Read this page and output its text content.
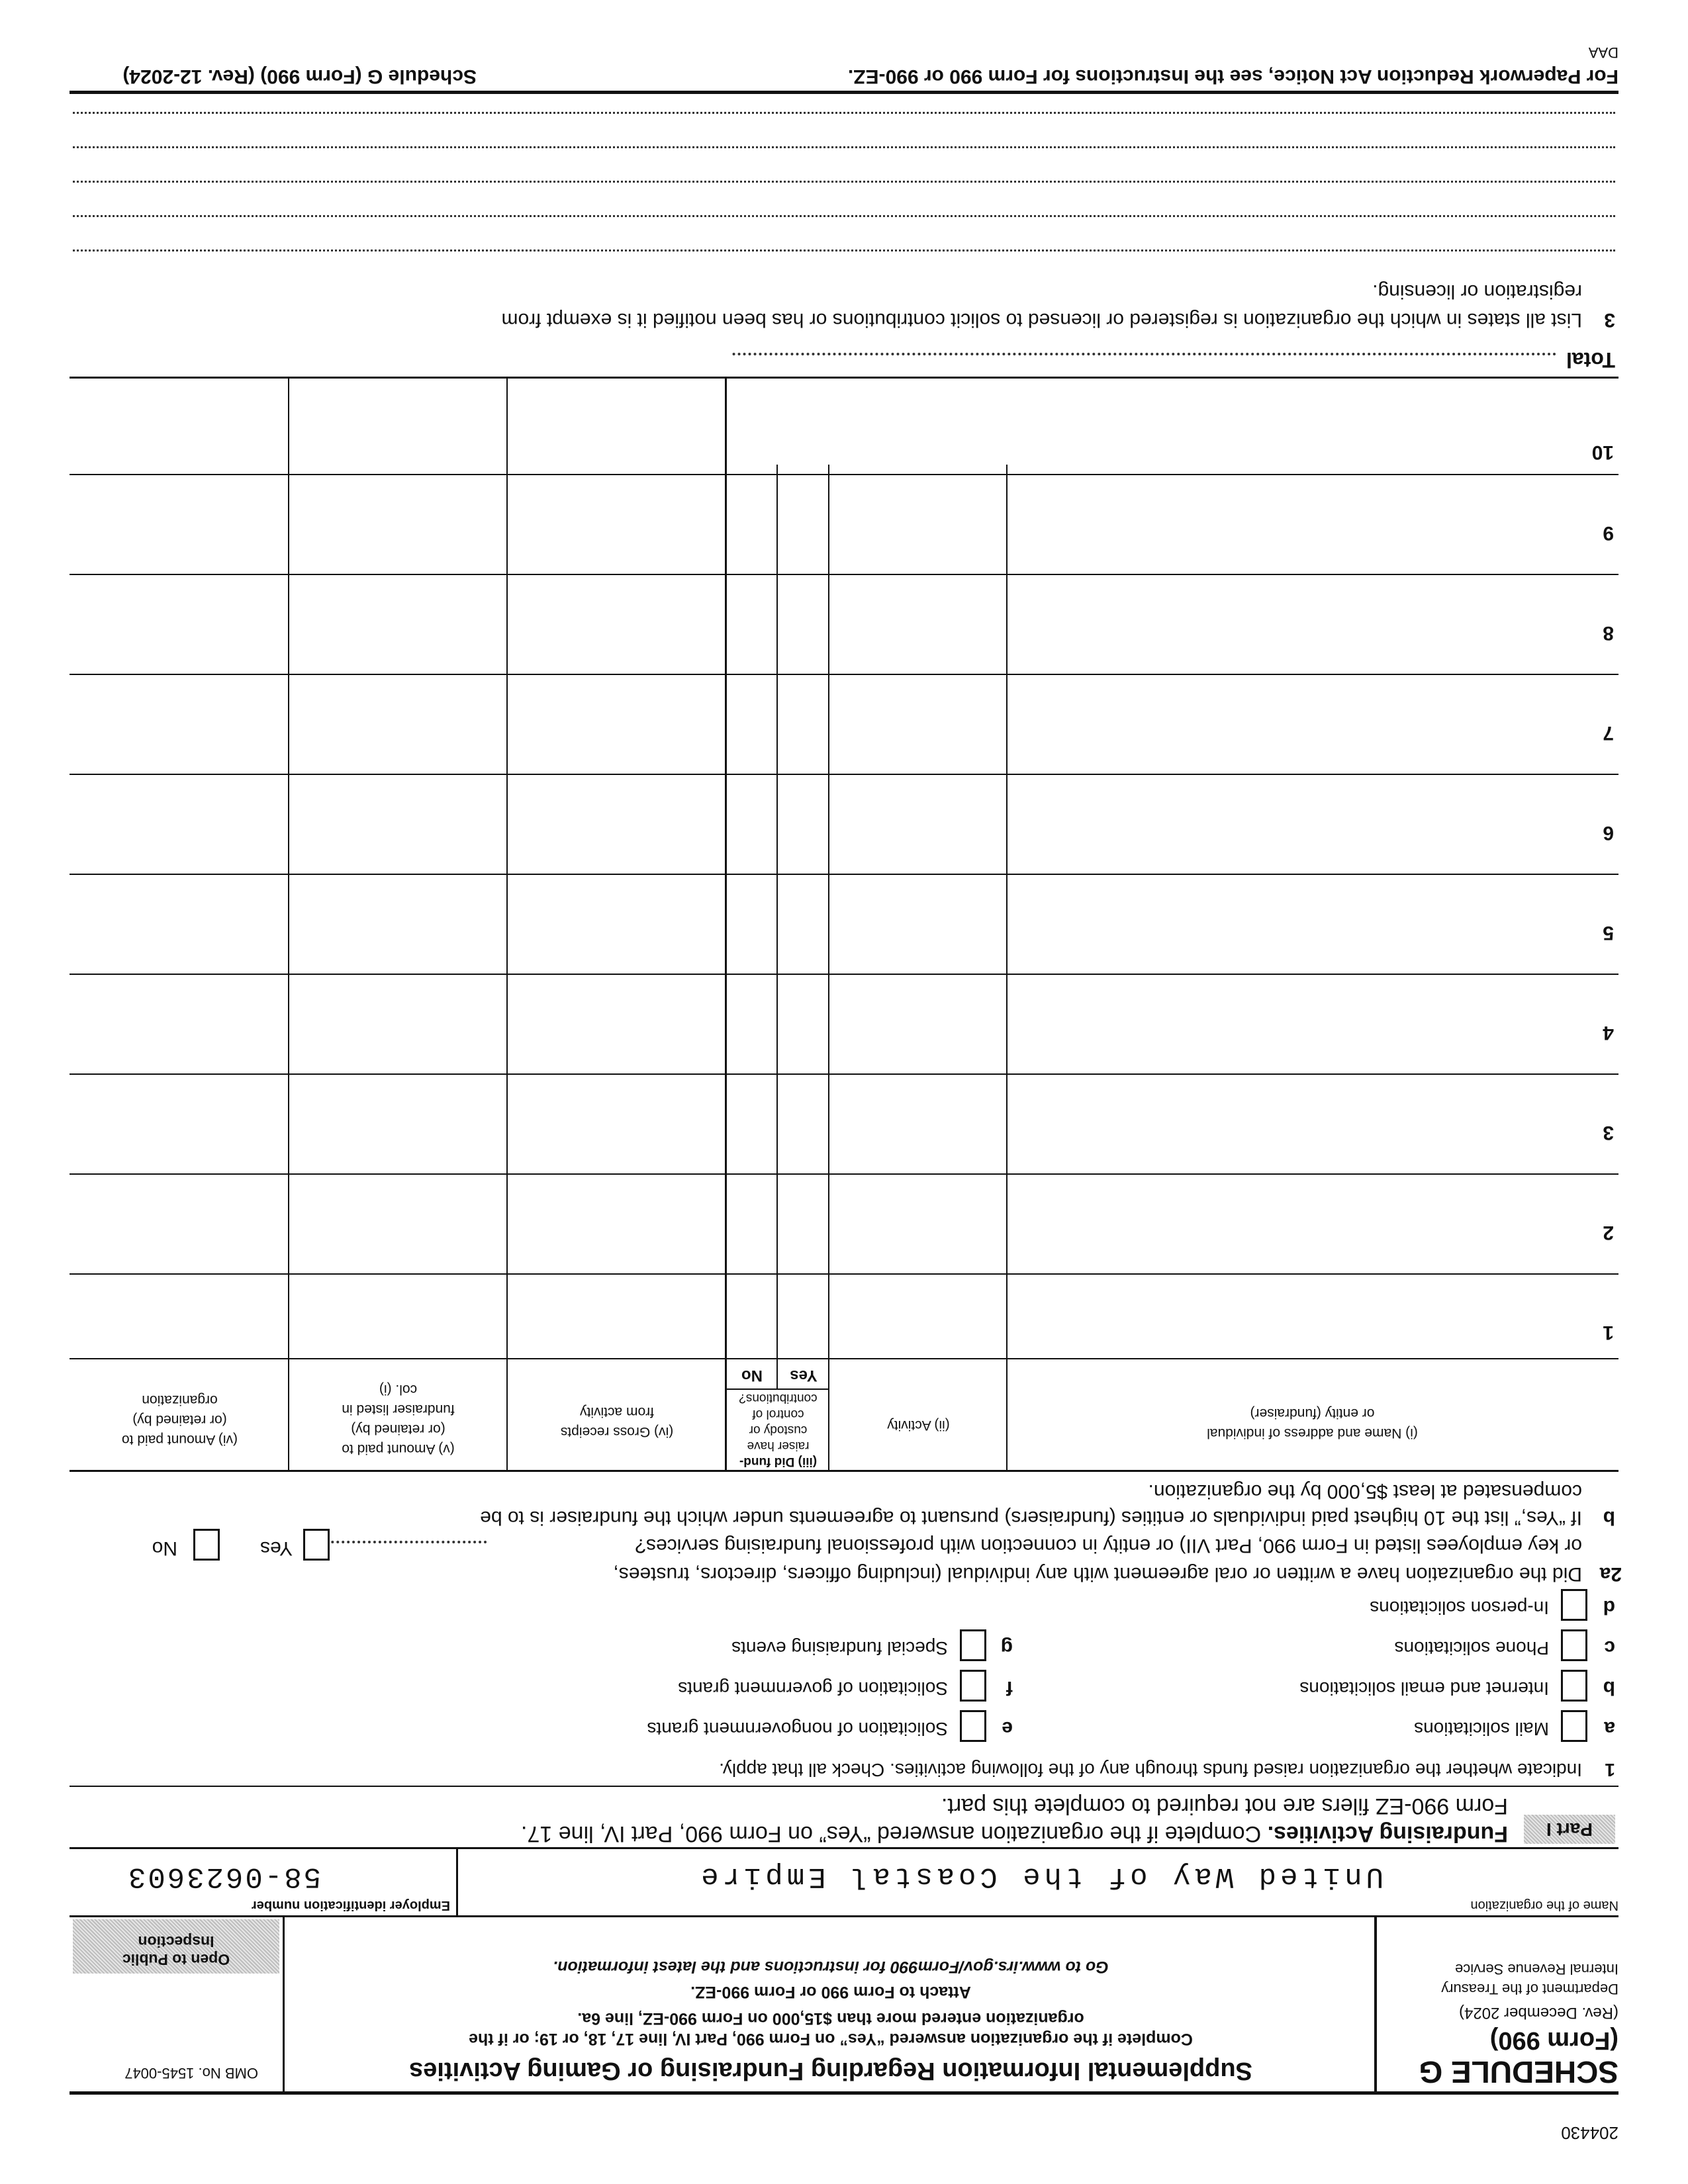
204430
SCHEDULE G
(Form 990)
(Rev. December 2024)
Department of the Treasury
Internal Revenue Service
Supplemental Information Regarding Fundraising or Gaming Activities
Complete if the organization answered “Yes” on Form 990, Part IV, line 17, 18, or 19; or if the
organization entered more than $15,000 on Form 990-EZ, line 6a.
Attach to Form 990 or Form 990-EZ.
Go to www.irs.gov/Form990 for instructions and the latest information.
OMB No. 1545-0047
Open to Public
Inspection
Name of the organization
United Way of the Coastal Empire
Employer identification number
58-0623603
Part I
Fundraising Activities. Complete if the organization answered “Yes” on Form 990, Part IV, line 17.
Form 990-EZ filers are not required to complete this part.
1
Indicate whether the organization raised funds through any of the following activities. Check all that apply.
a
Mail solicitations
b
Internet and email solicitations
c
Phone solicitations
d
In-person solicitations
e
Solicitation of nongovernment grants
f
Solicitation of government grants
g
Special fundraising events
2a
Did the organization have a written or oral agreement with any individual (including officers, directors, trustees,
or key employees listed in Form 990, Part VII) or entity in connection with professional fundraising services?
Yes
No
b
If “Yes,” list the 10 highest paid individuals or entities (fundraisers) pursuant to agreements under which the fundraiser is to be
compensated at least $5,000 by the organization.
(i) Name and address of individual
or entity (fundraiser)
(ii) Activity
(iii) Did fund-
raiser have
custody or
control of
contributions?
Yes
No
(iv) Gross receipts
from activity
(v) Amount paid to
(or retained by)
fundraiser listed in
col. (i)
(vi) Amount paid to
(or retained by)
organization
1
2
3
4
5
6
7
8
9
10
Total
3
List all states in which the organization is registered or licensed to solicit contributions or has been notified it is exempt from
registration or licensing.
For Paperwork Reduction Act Notice, see the Instructions for Form 990 or 990-EZ.
Schedule G (Form 990) (Rev. 12-2024)
DAA
